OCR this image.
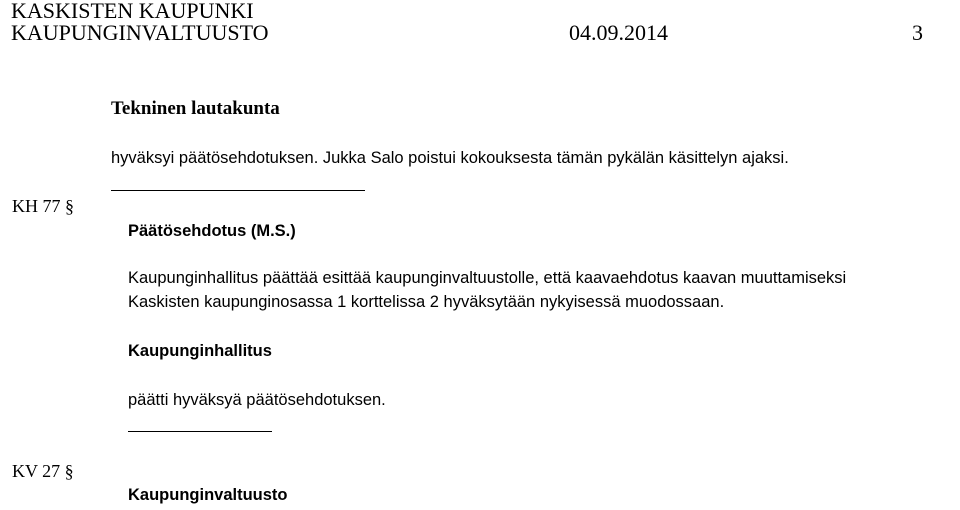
KASKISTEN KAUPUNKI
KAUPUNGINVALTUUSTO	04.09.2014	3
Tekninen lautakunta
hyväksyi päätösehdotuksen. Jukka Salo poistui kokouksesta tämän pykälän käsittelyn ajaksi.
KH 77 §
Päätösehdotus (M.S.)
Kaupunginhallitus päättää esittää kaupunginvaltuustolle, että kaavaehdotus kaavan muuttamiseksi
Kaskisten kaupunginosassa 1 korttelissa 2 hyväksytään nykyisessä muodossaan.
Kaupunginhallitus
päätti hyväksyä päätösehdotuksen.
KV 27 §
Kaupunginvaltuusto
